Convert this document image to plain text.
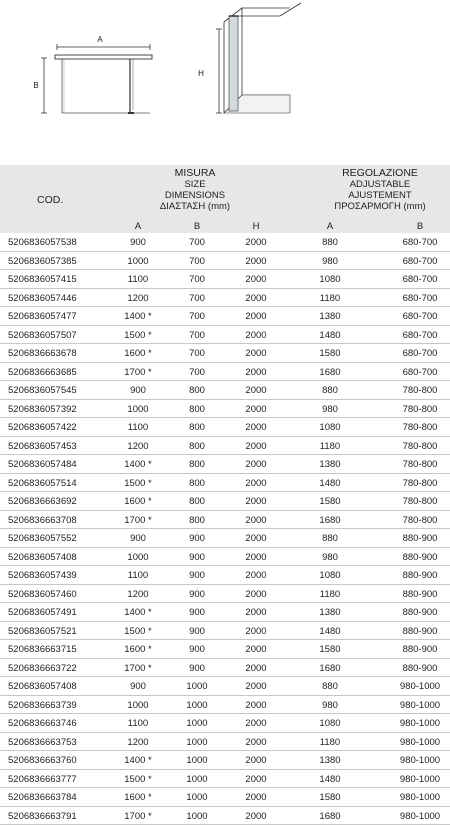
A
B
H
COD.
MISURA
SIZE
DIMENSIONS
ΔΙΑΣΤΑΣΗ (mm)
REGOLAZIONE
ADJUSTABLE
AJUSTEMENT
ΠΡΟΣΑΡΜΟΓΗ (mm)
A	B	H	A	B
5206836057538	900	700	2000	880	680-700
5206836057385	1000	700	2000	980	680-700
5206836057415	1100	700	2000	1080	680-700
5206836057446	1200	700	2000	1180	680-700
5206836057477	1400 *	700	2000	1380	680-700
5206836057507	1500 *	700	2000	1480	680-700
5206836663678	1600 *	700	2000	1580	680-700
5206836663685	1700 *	700	2000	1680	680-700
5206836057545	900	800	2000	880	780-800
5206836057392	1000	800	2000	980	780-800
5206836057422	1100	800	2000	1080	780-800
5206836057453	1200	800	2000	1180	780-800
5206836057484	1400 *	800	2000	1380	780-800
5206836057514	1500 *	800	2000	1480	780-800
5206836663692	1600 *	800	2000	1580	780-800
5206836663708	1700 *	800	2000	1680	780-800
5206836057552	900	900	2000	880	880-900
5206836057408	1000	900	2000	980	880-900
5206836057439	1100	900	2000	1080	880-900
5206836057460	1200	900	2000	1180	880-900
5206836057491	1400 *	900	2000	1380	880-900
5206836057521	1500 *	900	2000	1480	880-900
5206836663715	1600 *	900	2000	1580	880-900
5206836663722	1700 *	900	2000	1680	880-900
5206836057408	900	1000	2000	880	980-1000
5206836663739	1000	1000	2000	980	980-1000
5206836663746	1100	1000	2000	1080	980-1000
5206836663753	1200	1000	2000	1180	980-1000
5206836663760	1400 *	1000	2000	1380	980-1000
5206836663777	1500 *	1000	2000	1480	980-1000
5206836663784	1600 *	1000	2000	1580	980-1000
5206836663791	1700 *	1000	2000	1680	980-1000
